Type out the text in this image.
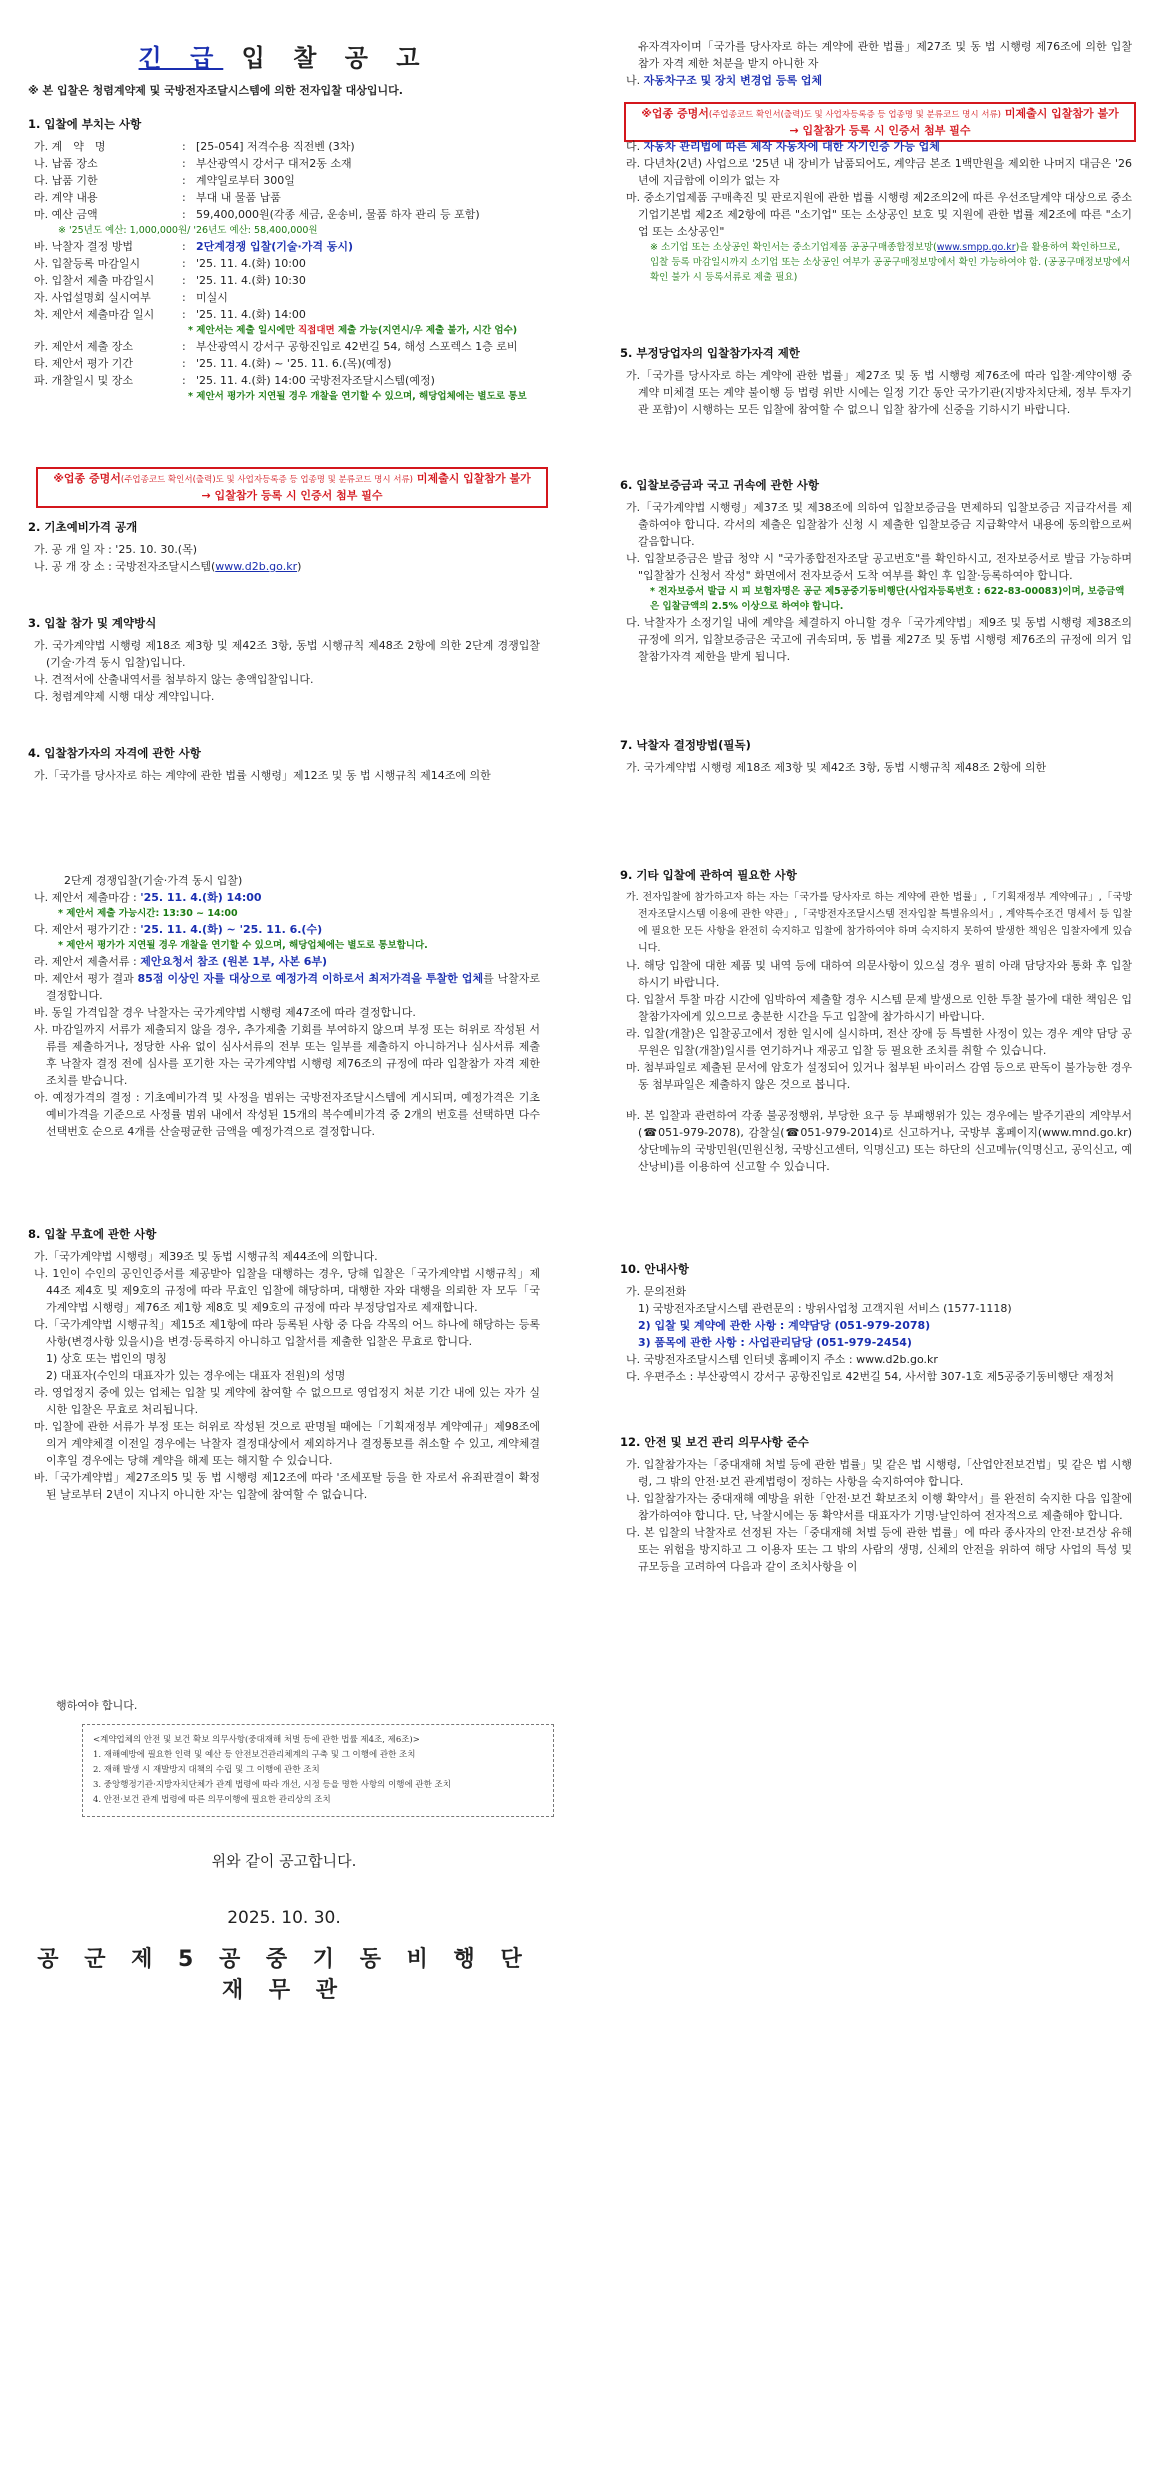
긴 급 입 찰 공 고
※ 본 입찰은 청렴계약제 및 국방전자조달시스템에 의한 전자입찰 대상입니다.
1. 입찰에 부치는 사항
가. 계　약　명	: [25-054] 저격수용 직전벤 (3차)
나. 납품 장소	: 부산광역시 강서구 대저2동 소재
다. 납품 기한	: 계약일로부터 300일
라. 계약 내용	: 부대 내 물품 납품
마. 예산 금액	: 59,400,000원(각종 세금, 운송비, 물품 하자 관리 등 포함)
※ '25년도 예산: 1,000,000원/ '26년도 예산: 58,400,000원
바. 낙찰자 결정 방법	: 2단계경쟁 입찰(기술·가격 동시)
사. 입찰등록 마감일시	: '25. 11. 4.(화) 10:00
아. 입찰서 제출 마감일시	: '25. 11. 4.(화) 10:30
자. 사업설명회 실시여부	: 미실시
차. 제안서 제출마감 일시	: '25. 11. 4.(화) 14:00
* 제안서는 제출 일시에만 직접대면 제출 가능(지연시/우 제출 불가, 시간 엄수)
카. 제안서 제출 장소	: 부산광역시 강서구 공항진입로 42번길 54, 해성 스포렉스 1층 로비
타. 제안서 평가 기간	: '25. 11. 4.(화) ~ '25. 11. 6.(목)(예정)
파. 개찰일시 및 장소	: '25. 11. 4.(화) 14:00 국방전자조달시스템(예정)
* 제안서 평가가 지연될 경우 개찰을 연기할 수 있으며, 해당업체에는 별도로 통보
※업종 증명서(주업종코드 확인서(출력)도 및 사업자등록증 등 업종명 및 분류코드 명시 서류) 미제출시 입찰참가 불가
→ 입찰참가 등록 시 인증서 첨부 필수
2. 기초예비가격 공개
가. 공 개 일 자 : '25. 10. 30.(목)
나. 공 개 장 소 : 국방전자조달시스템(www.d2b.go.kr)
3. 입찰 참가 및 계약방식
가. 국가계약법 시행령 제18조 제3항 및 제42조 3항, 동법 시행규칙 제48조 2항에 의한 2단계 경쟁입찰(기술·가격 동시 입찰)입니다.
나. 견적서에 산출내역서를 첨부하지 않는 총액입찰입니다.
다. 청렴계약제 시행 대상 계약입니다.
4. 입찰참가자의 자격에 관한 사항
가.「국가를 당사자로 하는 계약에 관한 법률 시행령」제12조 및 동 법 시행규칙 제14조에 의한
2단계 경쟁입찰(기술·가격 동시 입찰)
나. 제안서 제출마감 : '25. 11. 4.(화) 14:00
* 제안서 제출 가능시간: 13:30 ~ 14:00
다. 제안서 평가기간 : '25. 11. 4.(화) ~ '25. 11. 6.(수)
* 제안서 평가가 지연될 경우 개찰을 연기할 수 있으며, 해당업체에는 별도로 통보합니다.
라. 제안서 제출서류 : 제안요청서 참조 (원본 1부, 사본 6부)
마. 제안서 평가 결과 85점 이상인 자를 대상으로 예정가격 이하로서 최저가격을 투찰한 업체를 낙찰자로 결정합니다.
바. 동일 가격입찰 경우 낙찰자는 국가계약법 시행령 제47조에 따라 결정합니다.
사. 마감일까지 서류가 제출되지 않을 경우, 추가제출 기회를 부여하지 않으며 부정 또는 허위로 작성된 서류를 제출하거나, 정당한 사유 없이 심사서류의 전부 또는 일부를 제출하지 아니하거나 심사서류 제출 후 낙찰자 결정 전에 심사를 포기한 자는 국가계약법 시행령 제76조의 규정에 따라 입찰참가 자격 제한조치를 받습니다.
아. 예정가격의 결정 : 기초예비가격 및 사정을 범위는 국방전자조달시스템에 게시되며, 예정가격은 기초예비가격을 기준으로 사정률 범위 내에서 작성된 15개의 복수예비가격 중 2개의 번호를 선택하면 다수선택번호 순으로 4개를 산술평균한 금액을 예정가격으로 결정합니다.
8. 입찰 무효에 관한 사항
가.「국가계약법 시행령」제39조 및 동법 시행규칙 제44조에 의합니다.
나. 1인이 수인의 공인인증서를 제공받아 입찰을 대행하는 경우, 당해 입찰은「국가계약법 시행규칙」제44조 제4호 및 제9호의 규정에 따라 무효인 입찰에 해당하며, 대행한 자와 대행을 의뢰한 자 모두「국가계약법 시행령」제76조 제1항 제8호 및 제9호의 규정에 따라 부정당업자로 제재합니다.
다.「국가계약법 시행규칙」제15조 제1항에 따라 등록된 사항 중 다음 각목의 어느 하나에 해당하는 등록사항(변경사항 있을시)을 변경·등록하지 아니하고 입찰서를 제출한 입찰은 무효로 합니다.
1) 상호 또는 법인의 명칭
2) 대표자(수인의 대표자가 있는 경우에는 대표자 전원)의 성명
라. 영업정지 중에 있는 업체는 입찰 및 계약에 참여할 수 없으므로 영업정지 처분 기간 내에 있는 자가 실시한 입찰은 무효로 처리됩니다.
마. 입찰에 관한 서류가 부정 또는 허위로 작성된 것으로 판명될 때에는「기획재정부 계약예규」제98조에 의거 계약체결 이전일 경우에는 낙찰자 결정대상에서 제외하거나 결정통보를 취소할 수 있고, 계약체결 이후일 경우에는 당해 계약을 해제 또는 해지할 수 있습니다.
바.「국가계약법」제27조의5 및 동 법 시행령 제12조에 따라 '조세포탈 등을 한 자로서 유죄판결이 확정된 날로부터 2년이 지나지 아니한 자'는 입찰에 참여할 수 없습니다.
행하여야 합니다.
<계약업체의 안전 및 보건 확보 의무사항(중대재해 처벌 등에 관한 법률 제4조, 제6조)>
1. 재해예방에 필요한 인력 및 예산 등 안전보건관리체계의 구축 및 그 이행에 관한 조치
2. 재해 발생 시 재발방지 대책의 수립 및 그 이행에 관한 조치
3. 중앙행정기관·지방자치단체가 관계 법령에 따라 개선, 시정 등을 명한 사항의 이행에 관한 조치
4. 안전·보건 관계 법령에 따른 의무이행에 필요한 관리상의 조치
위와 같이 공고합니다.
2025. 10. 30.
공 군 제 5 공 중 기 동 비 행 단 재 무 관
유자격자이며「국가를 당사자로 하는 계약에 관한 법률」제27조 및 동 법 시행령 제76조에 의한 입찰참가 자격 제한 처분을 받지 아니한 자
나. 자동차구조 및 장치 변경업 등록 업체
※업종 증명서(주업종코드 확인서(출력)도 및 사업자등록증 등 업종명 및 분류코드 명시 서류) 미제출시 입찰참가 불가
→ 입찰참가 등록 시 인증서 첨부 필수
다. 자동차 관리법에 따른 제작 자동차에 대한 자기인증 가능 업체
라. 다년차(2년) 사업으로 '25년 내 장비가 납품되어도, 계약금 본조 1백만원을 제외한 나머지 대금은 '26년에 지급함에 이의가 없는 자
마. 중소기업제품 구매촉진 및 판로지원에 관한 법률 시행령 제2조의2에 따른 우선조달계약 대상으로 중소기업기본법 제2조 제2항에 따른 "소기업" 또는 소상공인 보호 및 지원에 관한 법률 제2조에 따른 "소기업 또는 소상공인"
※ 소기업 또는 소상공인 확인서는 중소기업제품 공공구매종합정보망(www.smpp.go.kr)을 활용하여 확인하므로, 입찰 등록 마감일시까지 소기업 또는 소상공인 여부가 공공구매정보망에서 확인 가능하여야 함. (공공구매정보망에서 확인 불가 시 등록서류로 제출 필요)
5. 부정당업자의 입찰참가자격 제한
가.「국가를 당사자로 하는 계약에 관한 법률」제27조 및 동 법 시행령 제76조에 따라 입찰·계약이행 중 계약 미체결 또는 계약 불이행 등 법령 위반 시에는 일정 기간 동안 국가기관(지방자치단체, 정부 투자기관 포함)이 시행하는 모든 입찰에 참여할 수 없으니 입찰 참가에 신중을 기하시기 바랍니다.
6. 입찰보증금과 국고 귀속에 관한 사항
가.「국가계약법 시행령」제37조 및 제38조에 의하여 입찰보증금을 면제하되 입찰보증금 지급각서를 제출하여야 합니다. 각서의 제출은 입찰참가 신청 시 제출한 입찰보증금 지급확약서 내용에 동의함으로써 갈음합니다.
나. 입찰보증금은 발급 청약 시 "국가종합전자조달 공고번호"를 확인하시고, 전자보증서로 발급 가능하며 "입찰참가 신청서 작성" 화면에서 전자보증서 도착 여부를 확인 후 입찰·등록하여야 합니다.
* 전자보증서 발급 시 피 보험자명은 공군 제5공중기동비행단(사업자등록번호 : 622-83-00083)이며, 보증금액은 입찰금액의 2.5% 이상으로 하여야 합니다.
다. 낙찰자가 소정기일 내에 계약을 체결하지 아니할 경우「국가계약법」제9조 및 동법 시행령 제38조의 규정에 의거, 입찰보증금은 국고에 귀속되며, 동 법률 제27조 및 동법 시행령 제76조의 규정에 의거 입찰참가자격 제한을 받게 됩니다.
7. 낙찰자 결정방법(필독)
가. 국가계약법 시행령 제18조 제3항 및 제42조 3항, 동법 시행규칙 제48조 2항에 의한
9. 기타 입찰에 관하여 필요한 사항
가. 전자입찰에 참가하고자 하는 자는「국가를 당사자로 하는 계약에 관한 법률」,「기획재정부 계약예규」,「국방전자조달시스템 이용에 관한 약관」,「국방전자조달시스템 전자입찰 특별유의서」, 계약특수조건 명세서 등 입찰에 필요한 모든 사항을 완전히 숙지하고 입찰에 참가하여야 하며 숙지하지 못하여 발생한 책임은 입찰자에게 있습니다.
나. 해당 입찰에 대한 제품 및 내역 등에 대하여 의문사항이 있으실 경우 필히 아래 담당자와 통화 후 입찰하시기 바랍니다.
다. 입찰서 투찰 마감 시간에 임박하여 제출할 경우 시스템 문제 발생으로 인한 투찰 불가에 대한 책임은 입찰참가자에게 있으므로 충분한 시간을 두고 입찰에 참가하시기 바랍니다.
라. 입찰(개찰)은 입찰공고에서 정한 일시에 실시하며, 전산 장애 등 특별한 사정이 있는 경우 계약 담당 공무원은 입찰(개찰)일시를 연기하거나 재공고 입찰 등 필요한 조치를 취할 수 있습니다.
마. 첨부파일로 제출된 문서에 암호가 설정되어 있거나 첨부된 바이러스 감염 등으로 판독이 불가능한 경우 동 첨부파일은 제출하지 않은 것으로 봅니다.
바. 본 입찰과 관련하여 각종 불공정행위, 부당한 요구 등 부패행위가 있는 경우에는 발주기관의 계약부서(☎051-979-2078), 감찰실(☎051-979-2014)로 신고하거나, 국방부 홈페이지(www.mnd.go.kr) 상단메뉴의 국방민원(민원신청, 국방신고센터, 익명신고) 또는 하단의 신고메뉴(익명신고, 공익신고, 예산낭비)를 이용하여 신고할 수 있습니다.
10. 안내사항
가. 문의전화
1) 국방전자조달시스템 관련문의 : 방위사업청 고객지원 서비스 (1577-1118)
2) 입찰 및 계약에 관한 사항 : 계약담당 (051-979-2078)
3) 품목에 관한 사항 : 사업관리담당 (051-979-2454)
나. 국방전자조달시스템 인터넷 홈페이지 주소 : www.d2b.go.kr
다. 우편주소 : 부산광역시 강서구 공항진입로 42번길 54, 사서함 307-1호 제5공중기동비행단 재정처
12. 안전 및 보건 관리 의무사항 준수
가. 입찰참가자는「중대재해 처벌 등에 관한 법률」및 같은 법 시행령,「산업안전보건법」및 같은 법 시행령, 그 밖의 안전·보건 관계법령이 정하는 사항을 숙지하여야 합니다.
나. 입찰참가자는 중대재해 예방을 위한「안전·보건 확보조치 이행 확약서」를 완전히 숙지한 다음 입찰에 참가하여야 합니다. 단, 낙찰시에는 동 확약서를 대표자가 기명·날인하여 전자적으로 제출해야 합니다.
다. 본 입찰의 낙찰자로 선정된 자는「중대재해 처벌 등에 관한 법률」에 따라 종사자의 안전·보건상 유해 또는 위험을 방지하고 그 이용자 또는 그 밖의 사람의 생명, 신체의 안전을 위하여 해당 사업의 특성 및 규모등을 고려하여 다음과 같이 조치사항을 이
